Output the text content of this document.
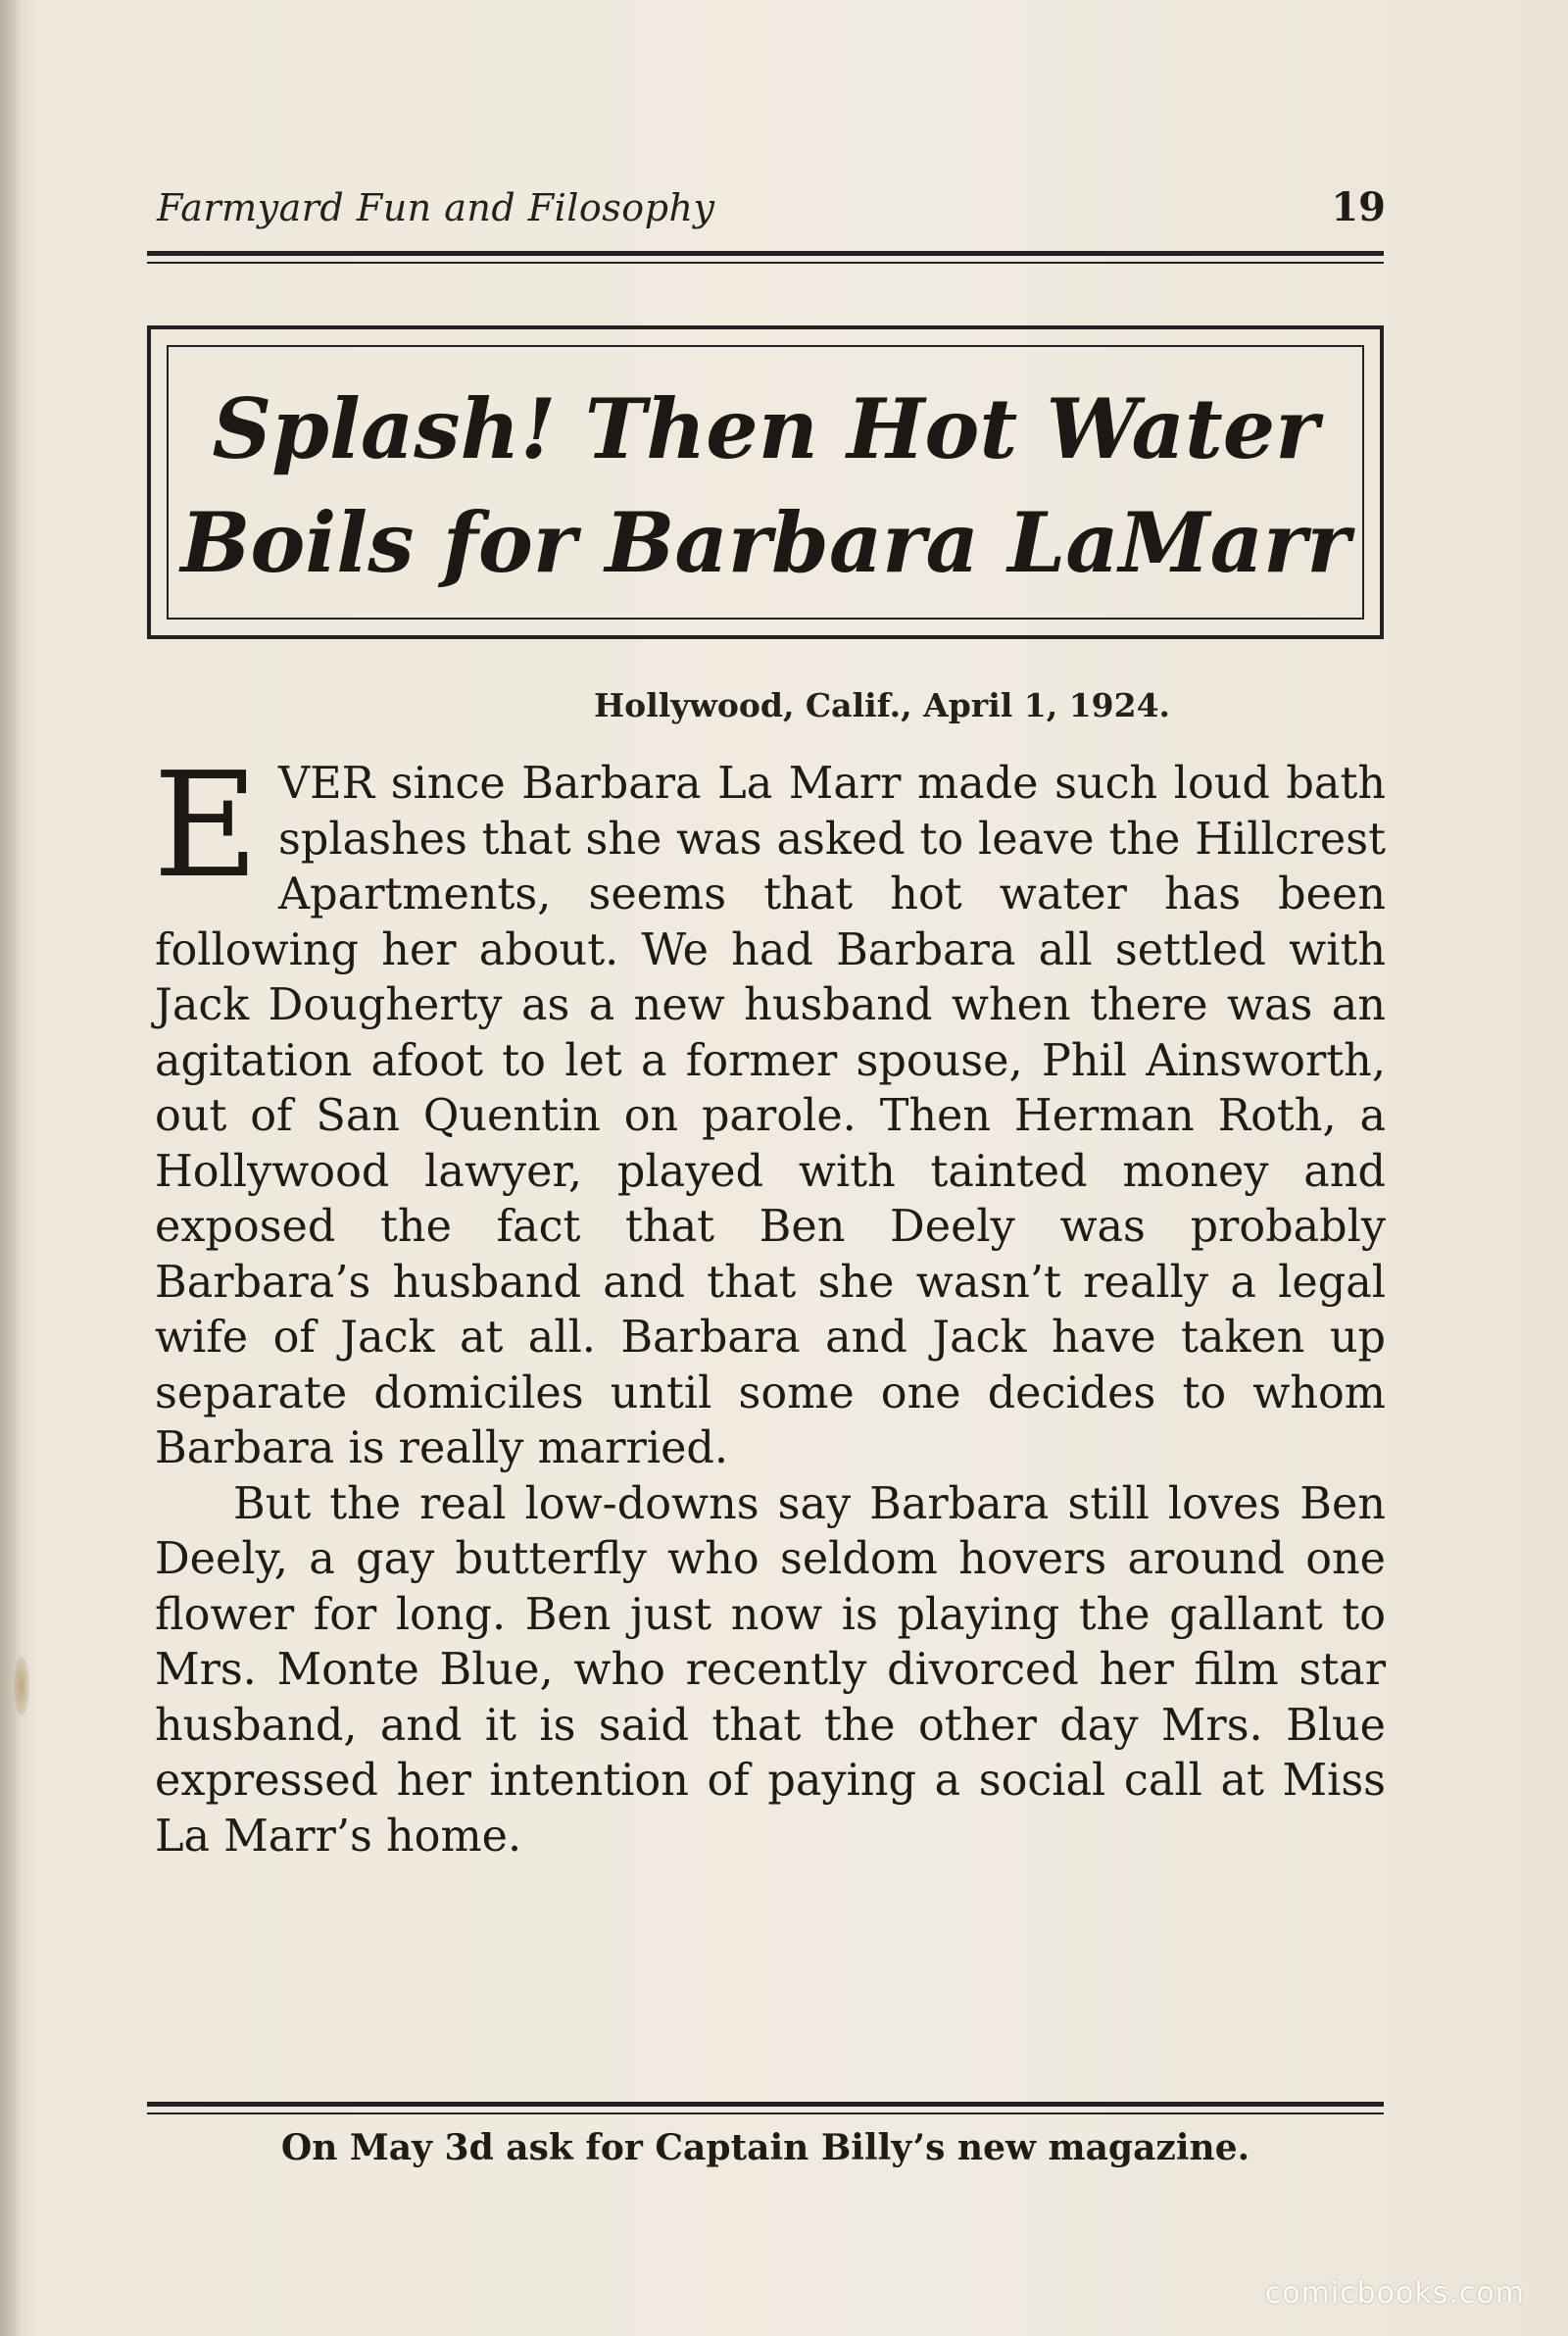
Farmyard Fun and Filosophy	19
Splash! Then Hot Water
Boils for Barbara LaMarr
Hollywood, Calif., April 1, 1924.

EVER since Barbara La Marr made such loud bath splashes that she was asked to leave the Hillcrest Apartments, seems that hot water has been following her about. We had Barbara all settled with Jack Dougherty as a new husband when there was an agitation afoot to let a former spouse, Phil Ainsworth, out of San Quentin on parole. Then Herman Roth, a Hollywood lawyer, played with tainted money and exposed the fact that Ben Deely was probably Barbara’s husband and that she wasn’t really a legal wife of Jack at all. Barbara and Jack have taken up separate domiciles until some one decides to whom Barbara is really married.

But the real low-downs say Barbara still loves Ben Deely, a gay butterfly who seldom hovers around one flower for long. Ben just now is playing the gallant to Mrs. Monte Blue, who recently divorced her film star husband, and it is said that the other day Mrs. Blue expressed her intention of paying a social call at Miss La Marr’s home.

On May 3d ask for Captain Billy’s new magazine.
comicbooks.com
